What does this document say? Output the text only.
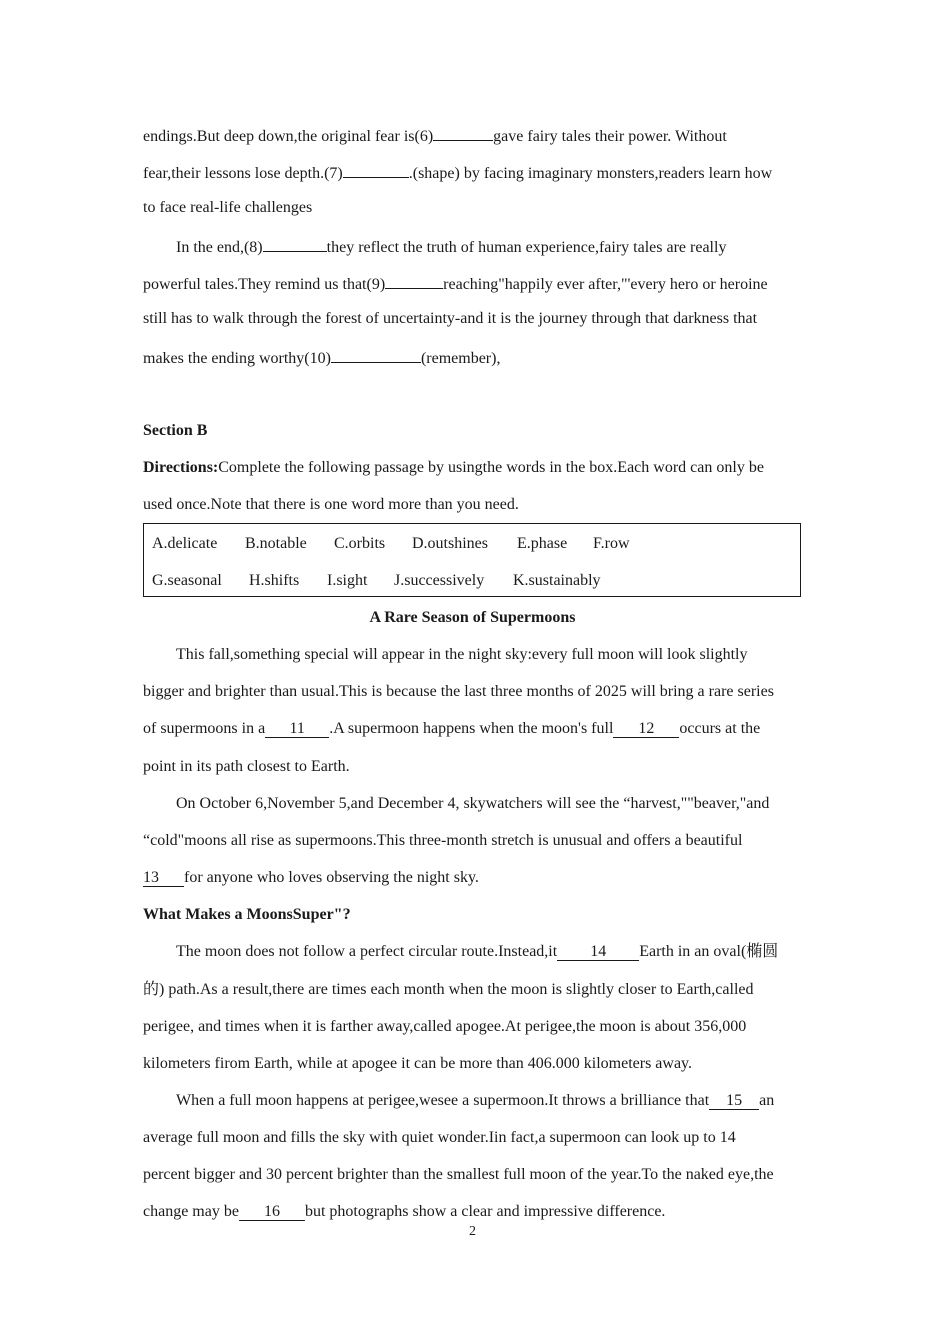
endings.But deep down,the original fear is(6)	gave fairy tales their power. Without
fear,their lessons lose depth.(7)	.(shape) by facing imaginary monsters,readers learn how
to face real-life challenges
In the end,(8)	they reflect the truth of human experience,fairy tales are really
powerful tales.They remind us that(9)	reaching"happily ever after,"'every hero or heroine
still has to walk through the forest of uncertainty-and it is the journey through that darkness that
makes the ending worthy(10)	(remember),
Section B
Directions:Complete the following passage by usingthe words in the box.Each word can only be
used once.Note that there is one word more than you need.
A.delicate B.notable C.orbits D.outshines E.phase F.row
G.seasonal H.shifts I.sight J.successively K.sustainably
A Rare Season of Supermoons
This fall,something special will appear in the night sky:every full moon will look slightly
bigger and brighter than usual.This is because the last three months of 2025 will bring a rare series
of supermoons in a 11 .A supermoon happens when the moon's full 12 occurs at the
point in its path closest to Earth.
On October 6,November 5,and December 4, skywatchers will see the “harvest,""beaver,"and
“cold"moons all rise as supermoons.This three-month stretch is unusual and offers a beautiful
13 for anyone who loves observing the night sky.
What Makes a MoonsSuper"?
The moon does not follow a perfect circular route.Instead,it 14 Earth in an oval(椭圆
的) path.As a result,there are times each month when the moon is slightly closer to Earth,called
perigee, and times when it is farther away,called apogee.At perigee,the moon is about 356,000
kilometers firom Earth, while at apogee it can be more than 406.000 kilometers away.
When a full moon happens at perigee,wesee a supermoon.It throws a brilliance that 15 an
average full moon and fills the sky with quiet wonder.Iin fact,a supermoon can look up to 14
percent bigger and 30 percent brighter than the smallest full moon of the year.To the naked eye,the
change may be 16 but photographs show a clear and impressive difference.
2
